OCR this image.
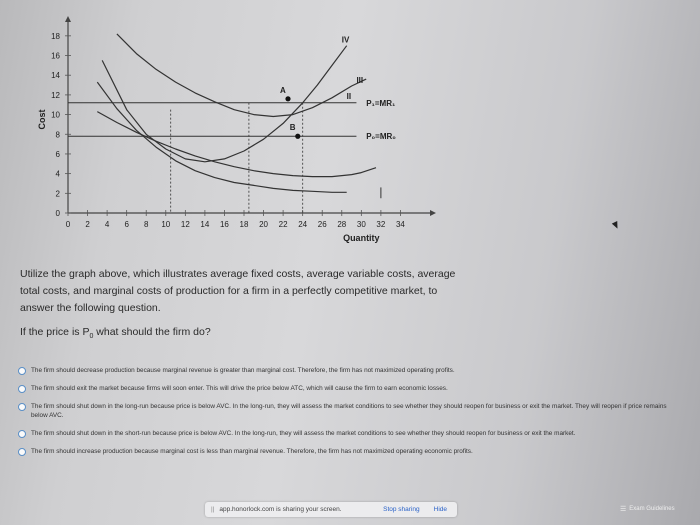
0 2 4 6 8 10 12 14 16 18 20 22 24 26 28 30 32 34
0
2
4
6
8
10
12
14
16
18
Cost
Quantity
P₁=MR₁
P₀=MR₀
IV
III
II
A
B
Utilize the graph above, which illustrates average fixed costs, average variable costs, average total costs, and marginal costs of production for a firm in a perfectly competitive market, to answer the following question.
If the price is $P_0$ what should the firm do?
The firm should decrease production because marginal revenue is greater than marginal cost. Therefore, the firm has not maximized operating profits.
The firm should exit the market because firms will soon enter. This will drive the price below ATC, which will cause the firm to earn economic losses.
The firm should shut down in the long-run because price is below AVC. In the long-run, they will assess the market conditions to see whether they should reopen for business or exit the market. They will reopen if price remains below AVC.
The firm should shut down in the short-run because price is below AVC. In the long-run, they will assess the market conditions to see whether they should reopen for business or exit the market.
The firm should increase production because marginal cost is less than marginal revenue. Therefore, the firm has not maximized operating economic profits.
|| app.honorlock.com is sharing your screen.	Stop sharing Hide	☰ Exam Guidelines
